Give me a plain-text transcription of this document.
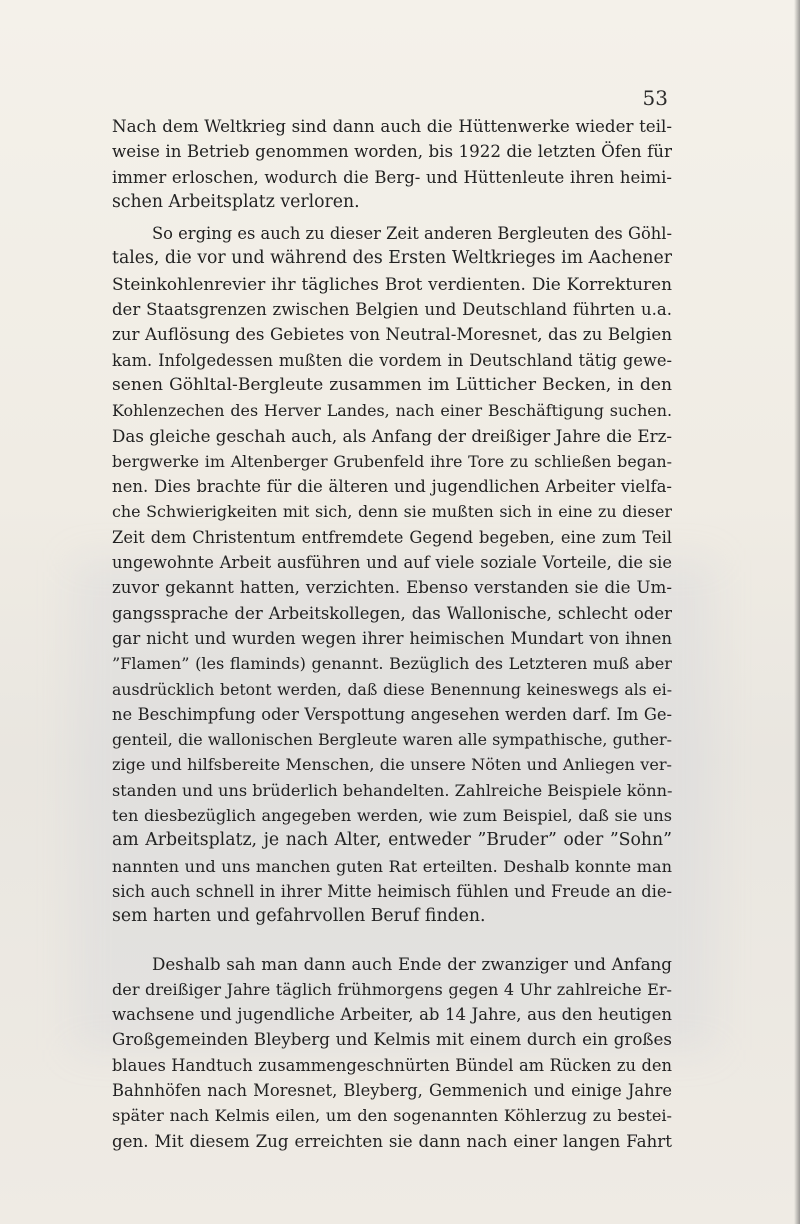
53
Nach dem Weltkrieg sind dann auch die Hüttenwerke wieder teil-
weise in Betrieb genommen worden, bis 1922 die letzten Öfen für
immer erloschen, wodurch die Berg- und Hüttenleute ihren heimi-
schen Arbeitsplatz verloren.
So erging es auch zu dieser Zeit anderen Bergleuten des Göhl-
tales, die vor und während des Ersten Weltkrieges im Aachener
Steinkohlenrevier ihr tägliches Brot verdienten. Die Korrekturen
der Staatsgrenzen zwischen Belgien und Deutschland führten u.a.
zur Auflösung des Gebietes von Neutral-Moresnet, das zu Belgien
kam. Infolgedessen mußten die vordem in Deutschland tätig gewe-
senen Göhltal-Bergleute zusammen im Lütticher Becken, in den
Kohlenzechen des Herver Landes, nach einer Beschäftigung suchen.
Das gleiche geschah auch, als Anfang der dreißiger Jahre die Erz-
bergwerke im Altenberger Grubenfeld ihre Tore zu schließen began-
nen. Dies brachte für die älteren und jugendlichen Arbeiter vielfa-
che Schwierigkeiten mit sich, denn sie mußten sich in eine zu dieser
Zeit dem Christentum entfremdete Gegend begeben, eine zum Teil
ungewohnte Arbeit ausführen und auf viele soziale Vorteile, die sie
zuvor gekannt hatten, verzichten. Ebenso verstanden sie die Um-
gangssprache der Arbeitskollegen, das Wallonische, schlecht oder
gar nicht und wurden wegen ihrer heimischen Mundart von ihnen
”Flamen” (les flaminds) genannt. Bezüglich des Letzteren muß aber
ausdrücklich betont werden, daß diese Benennung keineswegs als ei-
ne Beschimpfung oder Verspottung angesehen werden darf. Im Ge-
genteil, die wallonischen Bergleute waren alle sympathische, guther-
zige und hilfsbereite Menschen, die unsere Nöten und Anliegen ver-
standen und uns brüderlich behandelten. Zahlreiche Beispiele könn-
ten diesbezüglich angegeben werden, wie zum Beispiel, daß sie uns
am Arbeitsplatz, je nach Alter, entweder ”Bruder” oder ”Sohn”
nannten und uns manchen guten Rat erteilten. Deshalb konnte man
sich auch schnell in ihrer Mitte heimisch fühlen und Freude an die-
sem harten und gefahrvollen Beruf finden.
Deshalb sah man dann auch Ende der zwanziger und Anfang
der dreißiger Jahre täglich frühmorgens gegen 4 Uhr zahlreiche Er-
wachsene und jugendliche Arbeiter, ab 14 Jahre, aus den heutigen
Großgemeinden Bleyberg und Kelmis mit einem durch ein großes
blaues Handtuch zusammengeschnürten Bündel am Rücken zu den
Bahnhöfen nach Moresnet, Bleyberg, Gemmenich und einige Jahre
später nach Kelmis eilen, um den sogenannten Köhlerzug zu bestei-
gen. Mit diesem Zug erreichten sie dann nach einer langen Fahrt
